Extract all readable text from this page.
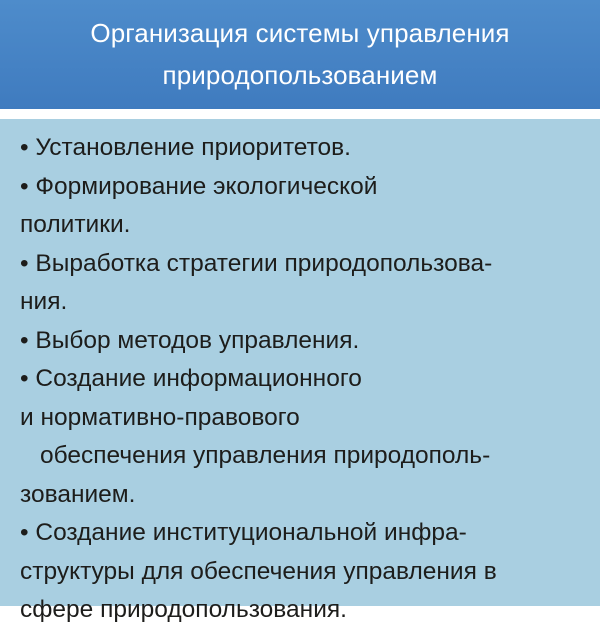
Организация системы управления
природопользованием
• Установление приоритетов.
• Формирование экологической
политики.
• Выработка стратегии природопользова-
ния.
• Выбор методов управления.
• Создание информационного
и нормативно-правового
обеспечения управления природополь-
зованием.
• Создание институциональной инфра-
структуры для обеспечения управления в
сфере природопользования.
